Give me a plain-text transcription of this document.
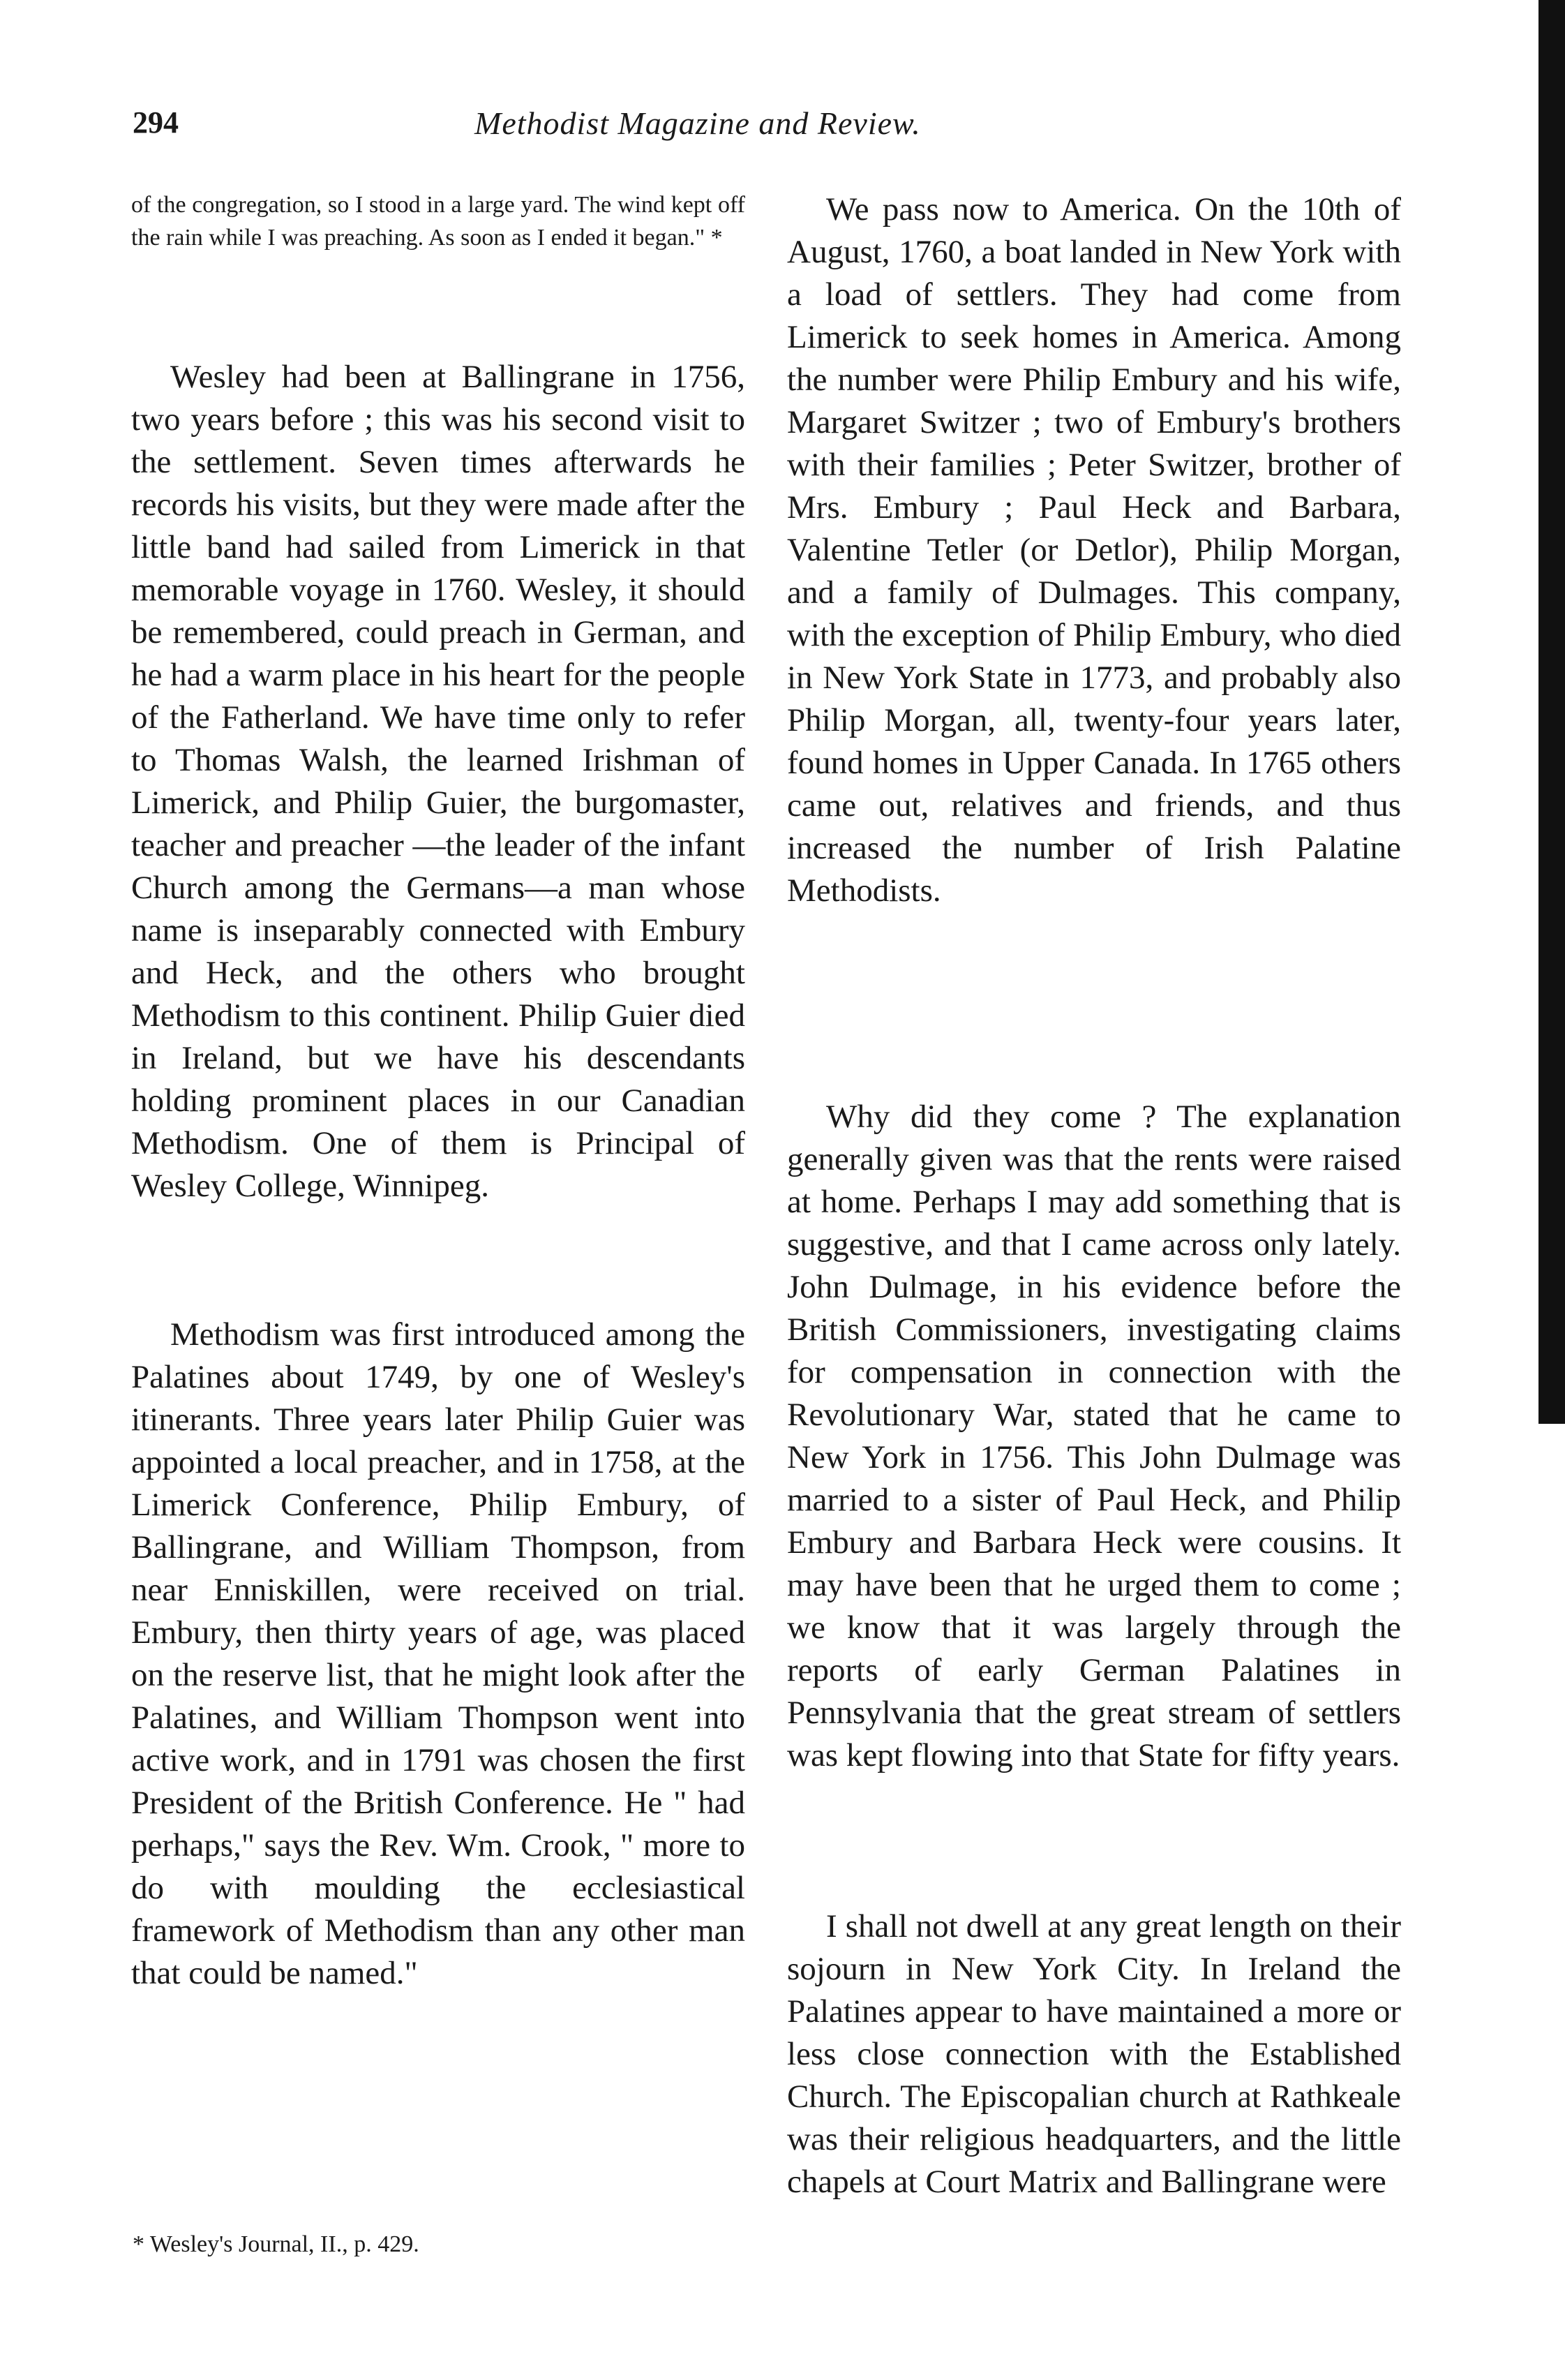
294	Methodist Magazine and Review.

of the congregation, so I stood in a large yard. The wind kept off the rain while I was preaching. As soon as I ended it began." *

Wesley had been at Ballingrane in 1756, two years before ; this was his second visit to the settlement. Seven times afterwards he records his visits, but they were made after the little band had sailed from Limerick in that memorable voyage in 1760. Wesley, it should be remembered, could preach in German, and he had a warm place in his heart for the people of the Fatherland. We have time only to refer to Thomas Walsh, the learned Irishman of Limerick, and Philip Guier, the burgomaster, teacher and preacher —the leader of the infant Church among the Germans—a man whose name is inseparably connected with Embury and Heck, and the others who brought Methodism to this continent. Philip Guier died in Ireland, but we have his descendants holding prominent places in our Canadian Methodism. One of them is Principal of Wesley College, Winnipeg.

Methodism was first introduced among the Palatines about 1749, by one of Wesley's itinerants. Three years later Philip Guier was appointed a local preacher, and in 1758, at the Limerick Conference, Philip Embury, of Ballingrane, and William Thompson, from near Enniskillen, were received on trial. Embury, then thirty years of age, was placed on the reserve list, that he might look after the Palatines, and William Thompson went into active work, and in 1791 was chosen the first President of the British Conference. He " had perhaps," says the Rev. Wm. Crook, " more to do with moulding the ecclesiastical framework of Methodism than any other man that could be named."

* Wesley's Journal, II., p. 429.

We pass now to America. On the 10th of August, 1760, a boat landed in New York with a load of settlers. They had come from Limerick to seek homes in America. Among the number were Philip Embury and his wife, Margaret Switzer ; two of Embury's brothers with their families ; Peter Switzer, brother of Mrs. Embury ; Paul Heck and Barbara, Valentine Tetler (or Detlor), Philip Morgan, and a family of Dulmages. This company, with the exception of Philip Embury, who died in New York State in 1773, and probably also Philip Morgan, all, twenty-four years later, found homes in Upper Canada. In 1765 others came out, relatives and friends, and thus increased the number of Irish Palatine Methodists.

Why did they come ? The explanation generally given was that the rents were raised at home. Perhaps I may add something that is suggestive, and that I came across only lately. John Dulmage, in his evidence before the British Commissioners, investigating claims for compensation in connection with the Revolutionary War, stated that he came to New York in 1756. This John Dulmage was married to a sister of Paul Heck, and Philip Embury and Barbara Heck were cousins. It may have been that he urged them to come ; we know that it was largely through the reports of early German Palatines in Pennsylvania that the great stream of settlers was kept flowing into that State for fifty years.

I shall not dwell at any great length on their sojourn in New York City. In Ireland the Palatines appear to have maintained a more or less close connection with the Established Church. The Episcopalian church at Rathkeale was their religious headquarters, and the little chapels at Court Matrix and Ballingrane were
